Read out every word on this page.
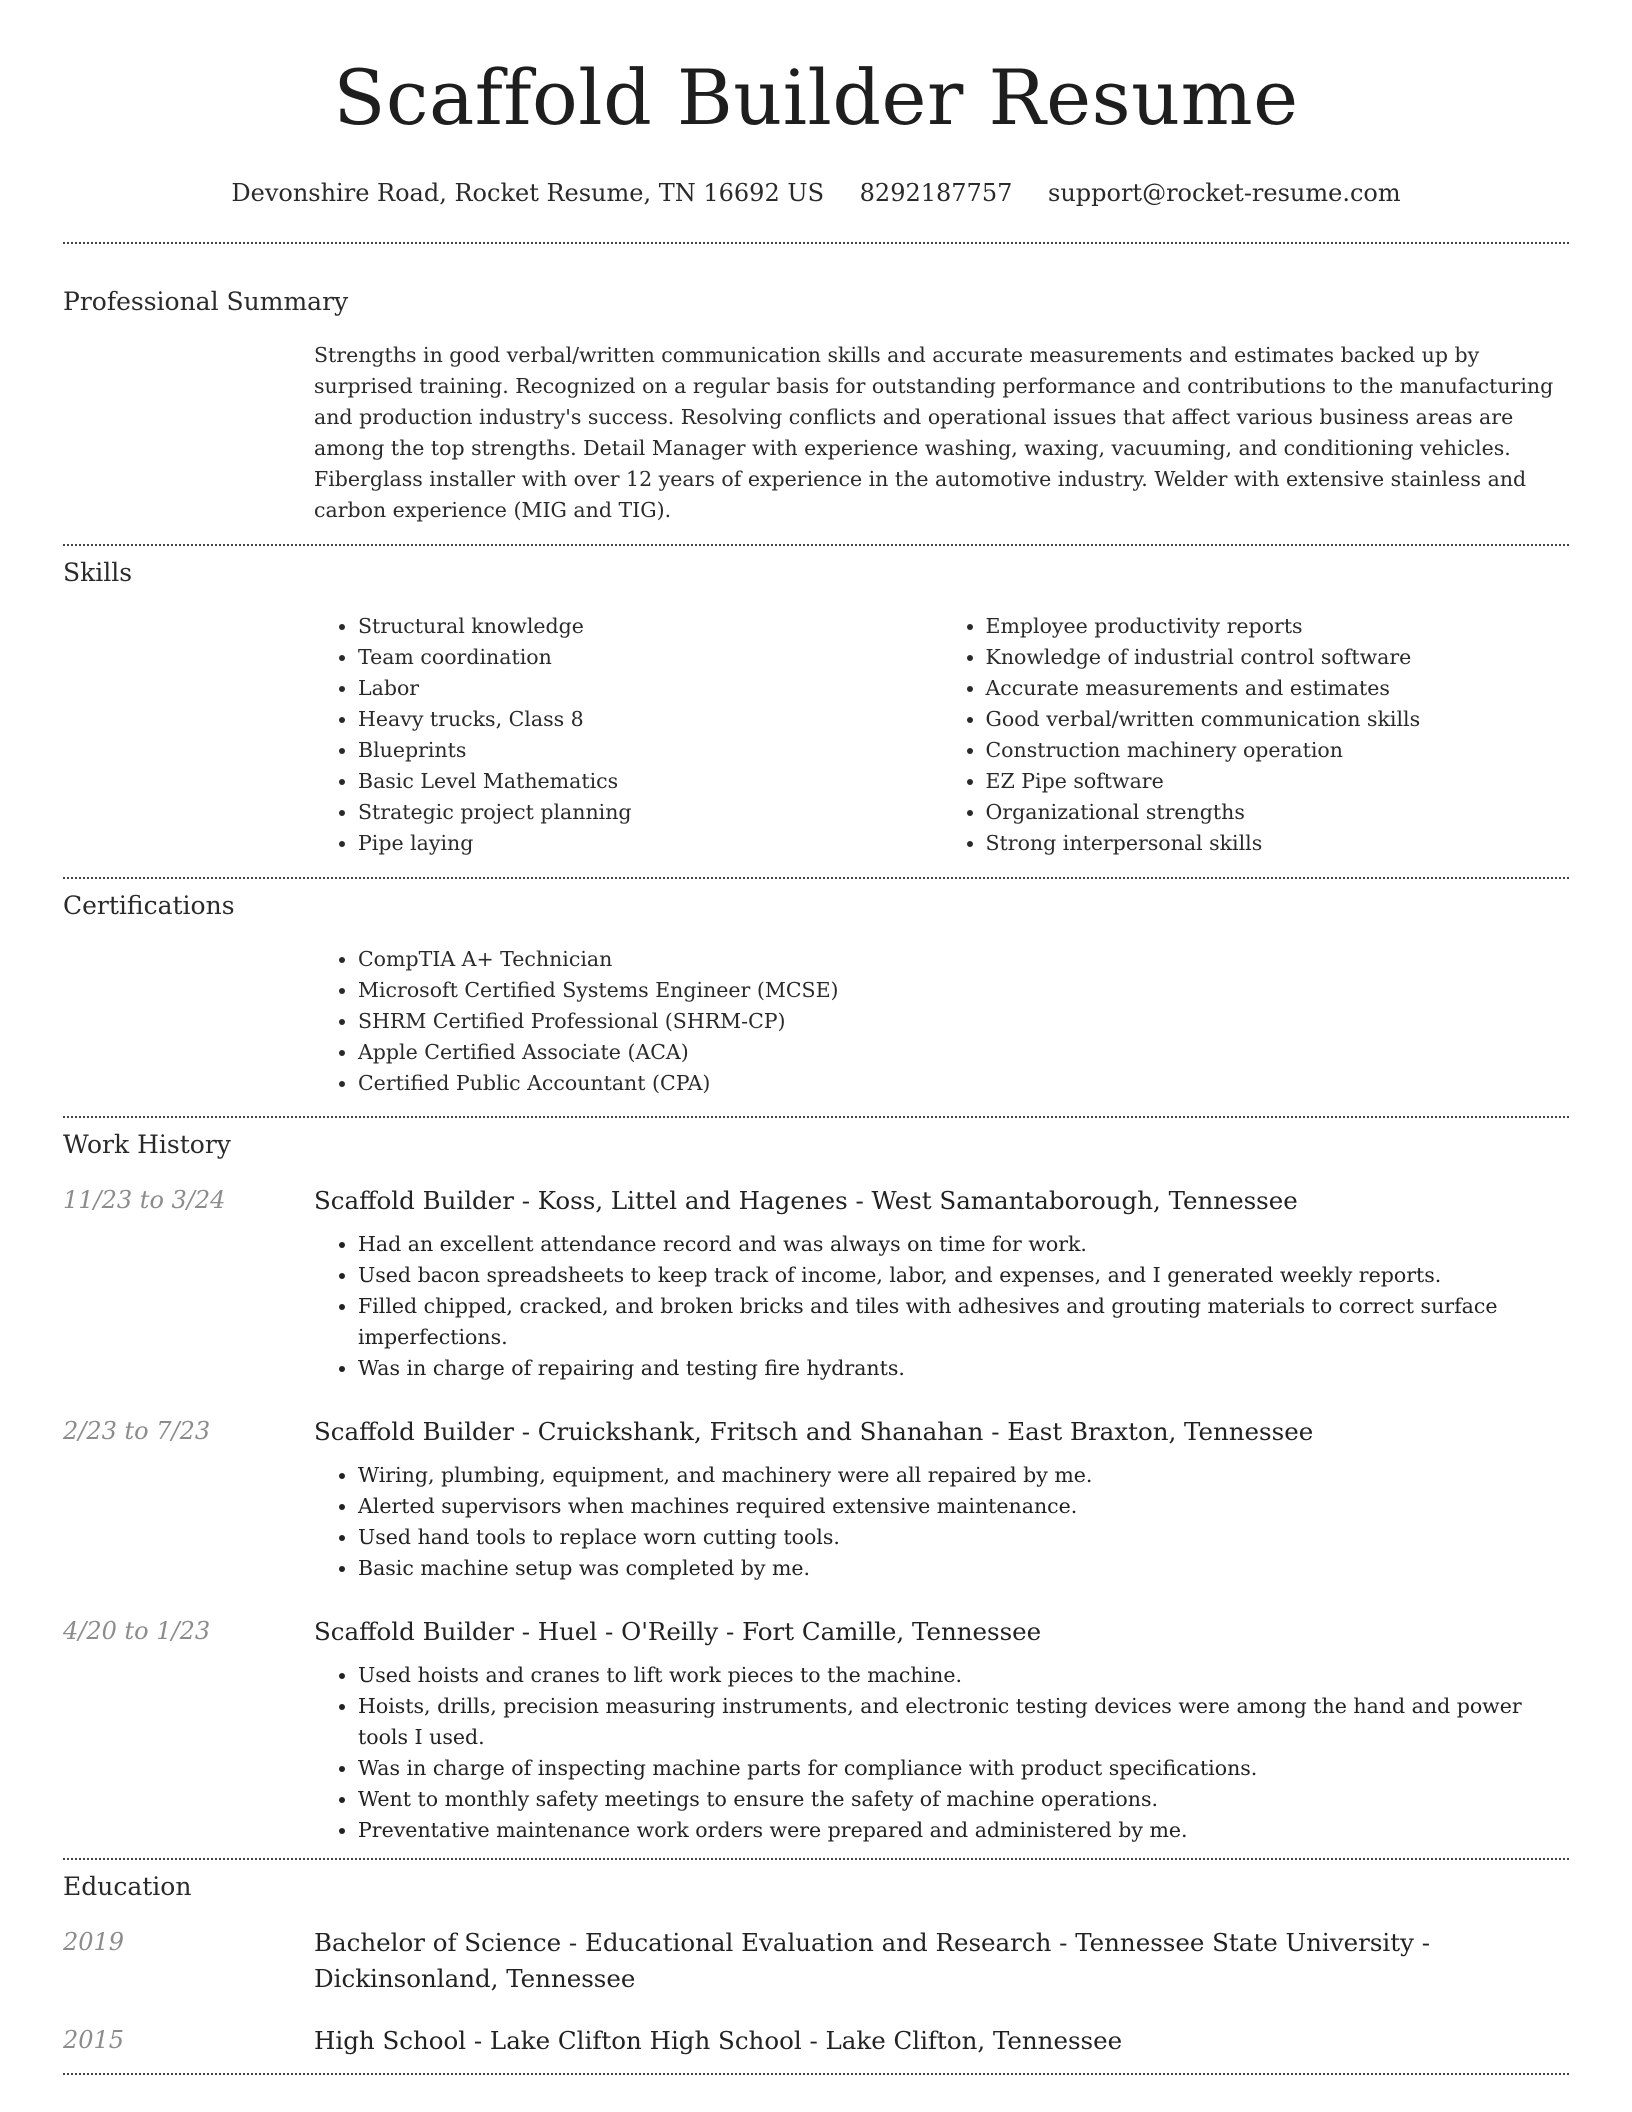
Scaffold Builder Resume
Devonshire Road, Rocket Resume, TN 16692 US 8292187757 support@rocket-resume.com
Professional Summary

Strengths in good verbal/written communication skills and accurate measurements and estimates backed up by surprised training. Recognized on a regular basis for outstanding performance and contributions to the manufacturing and production industry's success. Resolving conflicts and operational issues that affect various business areas are among the top strengths. Detail Manager with experience washing, waxing, vacuuming, and conditioning vehicles. Fiberglass installer with over 12 years of experience in the automotive industry. Welder with extensive stainless and carbon experience (MIG and TIG).

Skills
• Structural knowledge
• Team coordination
• Labor
• Heavy trucks, Class 8
• Blueprints
• Basic Level Mathematics
• Strategic project planning
• Pipe laying
• Employee productivity reports
• Knowledge of industrial control software
• Accurate measurements and estimates
• Good verbal/written communication skills
• Construction machinery operation
• EZ Pipe software
• Organizational strengths
• Strong interpersonal skills
Certifications
• CompTIA A+ Technician
• Microsoft Certified Systems Engineer (MCSE)
• SHRM Certified Professional (SHRM-CP)
• Apple Certified Associate (ACA)
• Certified Public Accountant (CPA)
Work History
11/23 to 3/24	Scaffold Builder - Koss, Littel and Hagenes - West Samantaborough, Tennessee
• Had an excellent attendance record and was always on time for work.
• Used bacon spreadsheets to keep track of income, labor, and expenses, and I generated weekly reports.
• Filled chipped, cracked, and broken bricks and tiles with adhesives and grouting materials to correct surface imperfections.
• Was in charge of repairing and testing fire hydrants.
2/23 to 7/23	Scaffold Builder - Cruickshank, Fritsch and Shanahan - East Braxton, Tennessee
• Wiring, plumbing, equipment, and machinery were all repaired by me.
• Alerted supervisors when machines required extensive maintenance.
• Used hand tools to replace worn cutting tools.
• Basic machine setup was completed by me.
4/20 to 1/23	Scaffold Builder - Huel - O'Reilly - Fort Camille, Tennessee
• Used hoists and cranes to lift work pieces to the machine.
• Hoists, drills, precision measuring instruments, and electronic testing devices were among the hand and power tools I used.
• Was in charge of inspecting machine parts for compliance with product specifications.
• Went to monthly safety meetings to ensure the safety of machine operations.
• Preventative maintenance work orders were prepared and administered by me.
Education
2019	Bachelor of Science - Educational Evaluation and Research - Tennessee State University - Dickinsonland, Tennessee
2015	High School - Lake Clifton High School - Lake Clifton, Tennessee
